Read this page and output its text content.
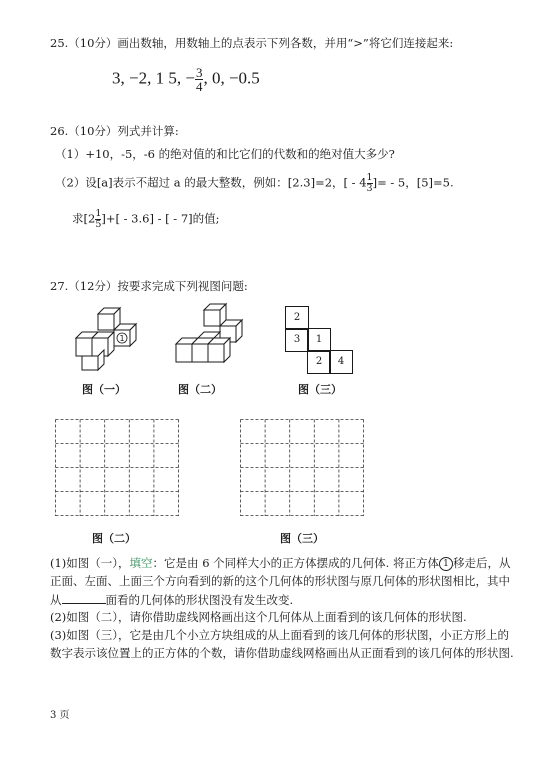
25.（10分）画出数轴，用数轴上的点表示下列各数，并用“>”将它们连接起来:
3, −2, 1 5, − $\frac{3}{4}$ , 0, −0.5
26.（10分）列式并计算:
（1）+10，-5，-6 的绝对值的和比它们的代数和的绝对值大多少?
（2）设[a]表示不超过 a 的最大整数，例如：[2.3]=2，[ - $4 \frac{1}{3}$ ]= - 5，[5]=5.
求[$2 \frac{1}{5}$ ]+[ - 3.6] - [ - 7]的值;
27.（12分）按要求完成下列视图问题:
1
图（一）	图（二）
2
3	1
2	4
图（三）
图（二）	图（三）
(1)如图（一），填空：它是由 6 个同样大小的正方体摆成的几何体. 将正方体 1 移走后，从
正面、左面、上面三个方向看到的新的这个几何体的形状图与原几何体的形状图相比，其中
从	面看的几何体的形状图没有发生改变.
(2)如图（二），请你借助虚线网格画出这个几何体从上面看到的该几何体的形状图.
(3)如图（三），它是由几个小立方块组成的从上面看到的该几何体的形状图，小正方形上的
数字表示该位置上的正方体的个数，请你借助虚线网格画出从正面看到的该几何体的形状图.
3 页
